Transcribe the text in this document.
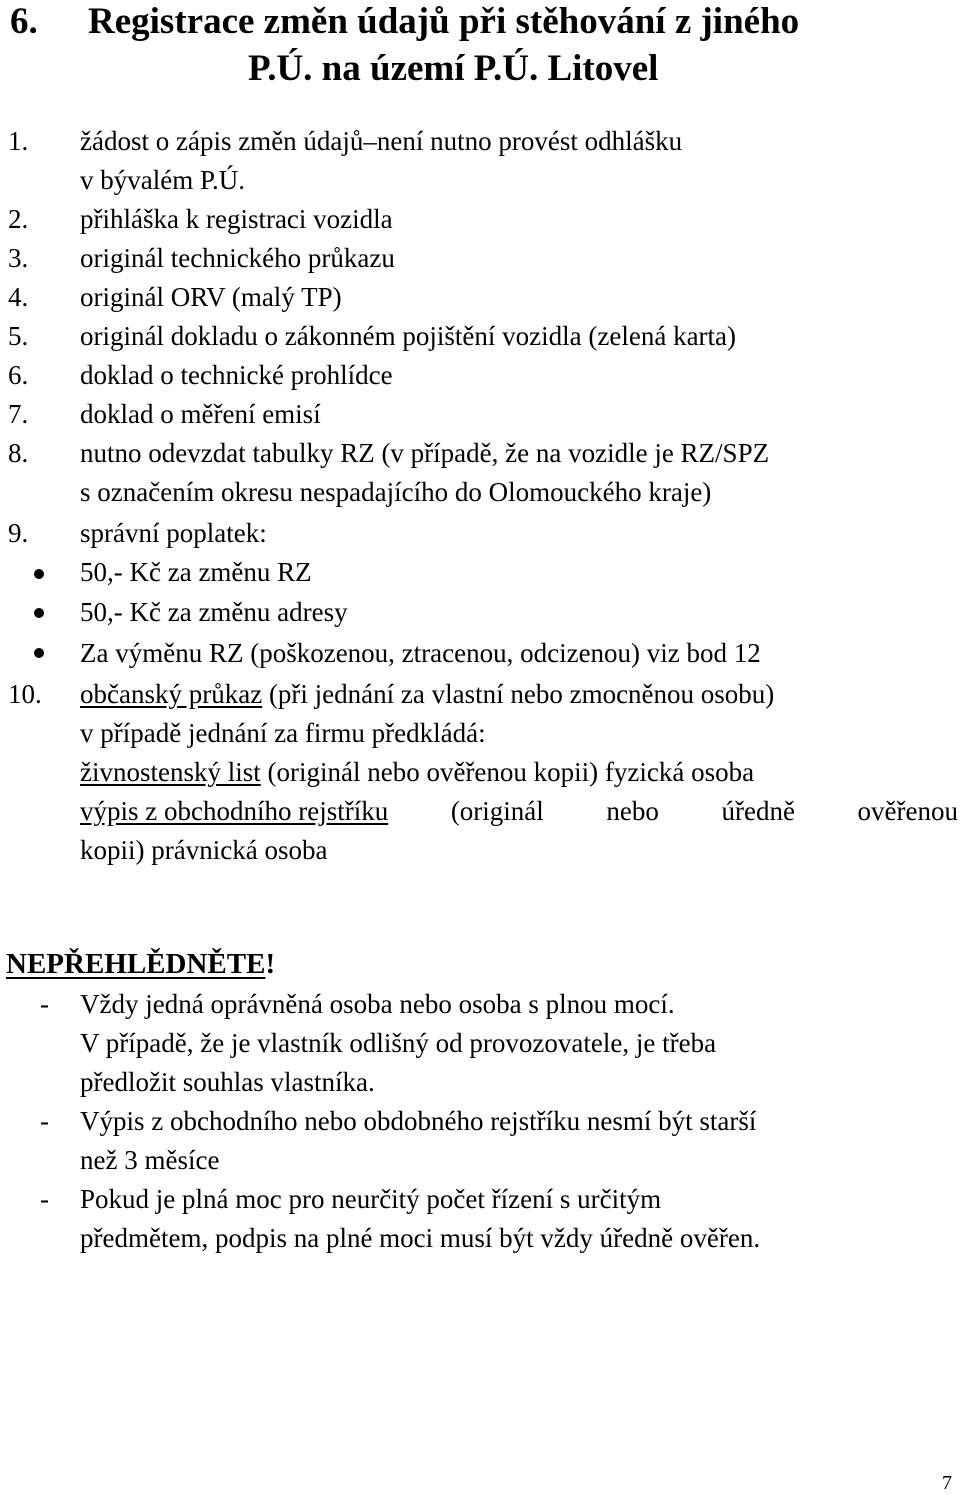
6. Registrace změn údajů při stěhování z jiného
P.Ú. na území P.Ú. Litovel
1. žádost o zápis změn údajů–není nutno provést odhlášku
v bývalém P.Ú.
2. přihláška k registraci vozidla
3. originál technického průkazu
4. originál ORV (malý TP)
5. originál dokladu o zákonném pojištění vozidla (zelená karta)
6. doklad o technické prohlídce
7. doklad o měření emisí
8. nutno odevzdat tabulky RZ (v případě, že na vozidle je RZ/SPZ
s označením okresu nespadajícího do Olomouckého kraje)
9. správní poplatek:
50,- Kč za změnu RZ
50,- Kč za změnu adresy
Za výměnu RZ (poškozenou, ztracenou, odcizenou) viz bod 12
10. občanský průkaz (při jednání za vlastní nebo zmocněnou osobu)
v případě jednání za firmu předkládá:
živnostenský list (originál nebo ověřenou kopii) fyzická osoba
výpis z obchodního rejstříku (originál nebo úředně ověřenou
kopii) právnická osoba
NEPŘEHLĚDNĚTE!
- Vždy jedná oprávněná osoba nebo osoba s plnou mocí.
V případě, že je vlastník odlišný od provozovatele, je třeba
předložit souhlas vlastníka.
- Výpis z obchodního nebo obdobného rejstříku nesmí být starší
než 3 měsíce
- Pokud je plná moc pro neurčitý počet řízení s určitým
předmětem, podpis na plné moci musí být vždy úředně ověřen.
7
